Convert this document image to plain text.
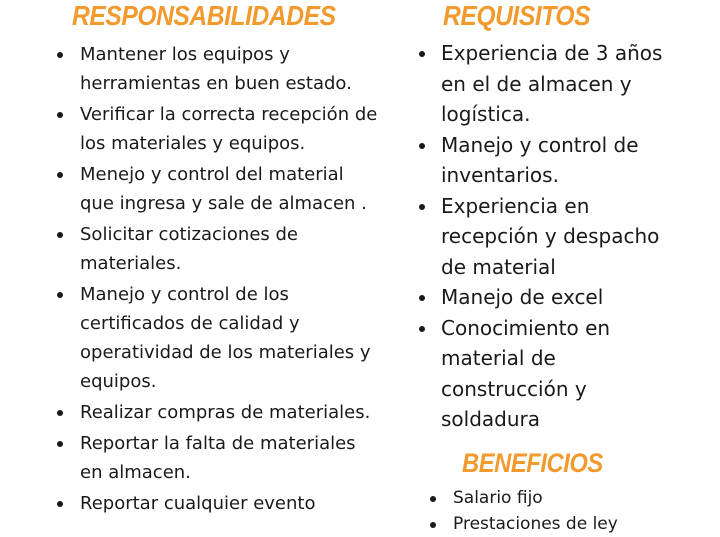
RESPONSABILIDADES
Mantener los equipos y herramientas en buen estado.
Verificar la correcta recepción de los materiales y equipos.
Menejo y control del material que ingresa y sale de almacen .
Solicitar cotizaciones de materiales.
Manejo y control de los certificados de calidad y operatividad de los materiales y equipos.
Realizar compras de materiales.
Reportar la falta de materiales en almacen.
Reportar cualquier evento
REQUISITOS
Experiencia de 3 años en el de almacen y logística.
Manejo y control de inventarios.
Experiencia en recepción y despacho de material
Manejo de excel
Conocimiento en material de construcción y soldadura
BENEFICIOS
Salario fijo
Prestaciones de ley
